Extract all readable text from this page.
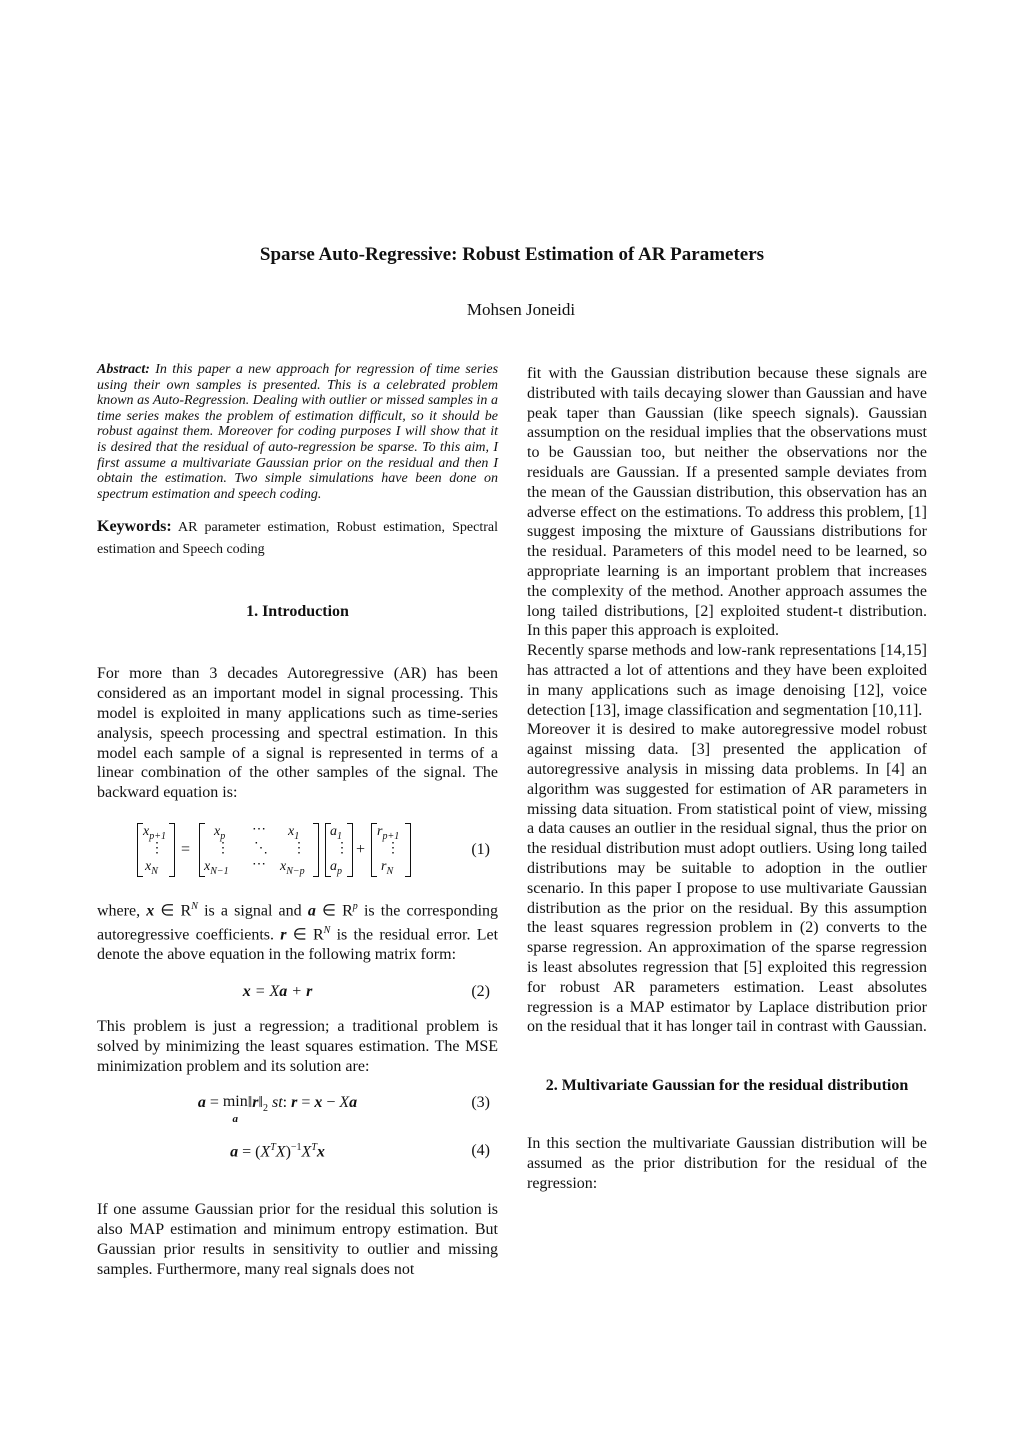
Sparse Auto-Regressive: Robust Estimation of AR Parameters
Mohsen Joneidi
Abstract: In this paper a new approach for regression of time series using their own samples is presented. This is a celebrated problem known as Auto-Regression. Dealing with outlier or missed samples in a time series makes the problem of estimation difficult, so it should be robust against them. Moreover for coding purposes I will show that it is desired that the residual of auto-regression be sparse. To this aim, I first assume a multivariate Gaussian prior on the residual and then I obtain the estimation. Two simple simulations have been done on spectrum estimation and speech coding.
Keywords: AR parameter estimation, Robust estimation, Spectral estimation and Speech coding
1. Introduction
For more than 3 decades Autoregressive (AR) has been considered as an important model in signal processing. This model is exploited in many applications such as time-series analysis, speech processing and spectral estimation. In this model each sample of a signal is represented in terms of a linear combination of the other samples of the signal. The backward equation is:
$x_{p+1}$
⋮
$x_N$
=
$x_p$ ⋯ $x_1$
⋮ ⋱ ⋮
$x_{N-1}$ ⋯ $x_{N-p}$
$a_1$
⋮
$a_p$
+
$r_{p+1}$
⋮
$r_N$
(1)
where, x ∈ $R^N$ is a signal and a ∈ $R^p$ is the corresponding autoregressive coefficients. r ∈ $R^N$ is the residual error. Let denote the above equation in the following matrix form:
x = Xa + r	(2)
This problem is just a regression; a traditional problem is solved by minimizing the least squares estimation. The MSE minimization problem and its solution are:
a = min
$a‖r‖_2$ st: r = x − Xa	(3)
$a = (X^TX)^{-1}X^Tx$	(4)
If one assume Gaussian prior for the residual this solution is also MAP estimation and minimum entropy estimation. But Gaussian prior results in sensitivity to outlier and missing samples. Furthermore, many real signals does not
fit with the Gaussian distribution because these signals are distributed with tails decaying slower than Gaussian and have peak taper than Gaussian (like speech signals). Gaussian assumption on the residual implies that the observations must to be Gaussian too, but neither the observations nor the residuals are Gaussian. If a presented sample deviates from the mean of the Gaussian distribution, this observation has an adverse effect on the estimations. To address this problem, [1] suggest imposing the mixture of Gaussians distributions for the residual. Parameters of this model need to be learned, so appropriate learning is an important problem that increases the complexity of the method. Another approach assumes the long tailed distributions, [2] exploited student-t distribution. In this paper this approach is exploited.
Recently sparse methods and low-rank representations [14,15] has attracted a lot of attentions and they have been exploited in many applications such as image denoising [12], voice detection [13], image classification and segmentation [10,11].
Moreover it is desired to make autoregressive model robust against missing data. [3] presented the application of autoregressive analysis in missing data problems. In [4] an algorithm was suggested for estimation of AR parameters in missing data situation. From statistical point of view, missing a data causes an outlier in the residual signal, thus the prior on the residual distribution must adopt outliers. Using long tailed distributions may be suitable to adoption in the outlier scenario. In this paper I propose to use multivariate Gaussian distribution as the prior on the residual. By this assumption the least squares regression problem in (2) converts to the sparse regression. An approximation of the sparse regression is least absolutes regression that [5] exploited this regression for robust AR parameters estimation. Least absolutes regression is a MAP estimator by Laplace distribution prior on the residual that it has longer tail in contrast with Gaussian.
2. Multivariate Gaussian for the residual distribution
In this section the multivariate Gaussian distribution will be assumed as the prior distribution for the residual of the regression:
